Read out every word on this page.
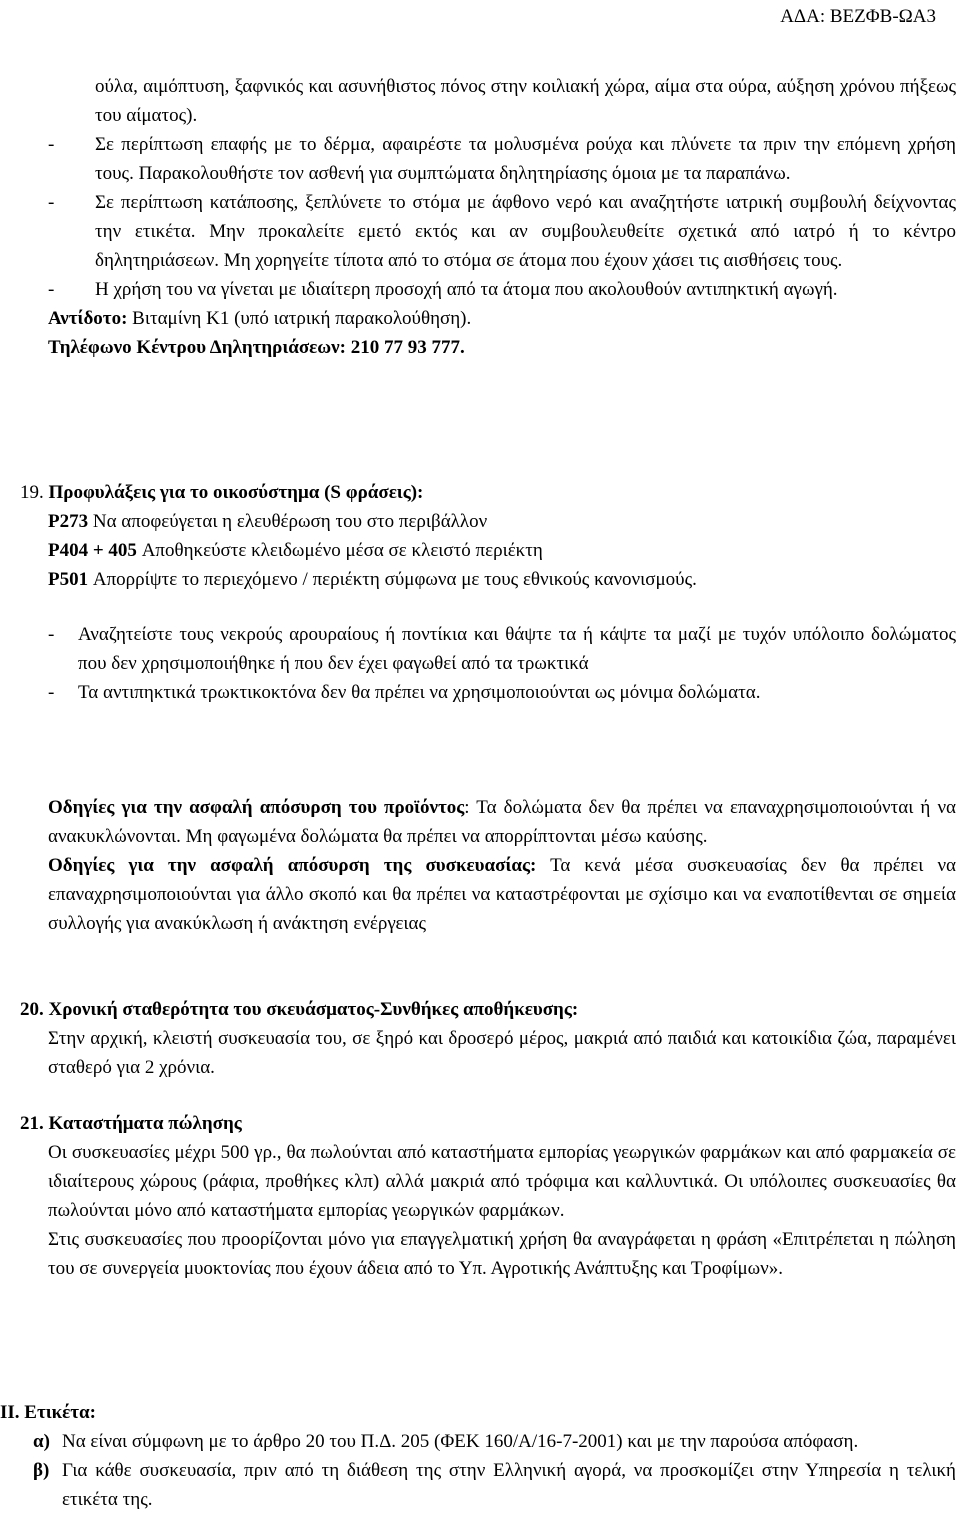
ΑΔΑ: ΒΕΖΦΒ-ΩΑ3

ούλα, αιμόπτυση, ξαφνικός και ασυνήθιστος πόνος στην κοιλιακή χώρα, αίμα στα ούρα, αύξηση χρόνου πήξεως του αίματος).

- Σε περίπτωση επαφής με το δέρμα, αφαιρέστε τα μολυσμένα ρούχα και πλύνετε τα πριν την επόμενη χρήση τους. Παρακολουθήστε τον ασθενή για συμπτώματα δηλητηρίασης όμοια με τα παραπάνω.

- Σε περίπτωση κατάποσης, ξεπλύνετε το στόμα με άφθονο νερό και αναζητήστε ιατρική συμβουλή δείχνοντας την ετικέτα. Μην προκαλείτε εμετό εκτός και αν συμβουλευθείτε σχετικά από ιατρό ή το κέντρο δηλητηριάσεων. Μη χορηγείτε τίποτα από το στόμα σε άτομα που έχουν χάσει τις αισθήσεις τους.

- Η χρήση του να γίνεται με ιδιαίτερη προσοχή από τα άτομα που ακολουθούν αντιπηκτική αγωγή.

Αντίδοτο: Βιταμίνη Κ1 (υπό ιατρική παρακολούθηση).

Τηλέφωνο Κέντρου Δηλητηριάσεων: 210 77 93 777.

19. Προφυλάξεις για το οικοσύστημα (S φράσεις):

P273 Να αποφεύγεται η ελευθέρωση του στο περιβάλλον

P404 + 405 Αποθηκεύστε κλειδωμένο μέσα σε κλειστό περιέκτη

P501 Απορρίψτε το περιεχόμενο / περιέκτη σύμφωνα με τους εθνικούς κανονισμούς.

- Αναζητείστε τους νεκρούς αρουραίους ή ποντίκια και θάψτε τα ή κάψτε τα μαζί με τυχόν υπόλοιπο δολώματος που δεν χρησιμοποιήθηκε ή που δεν έχει φαγωθεί από τα τρωκτικά

- Τα αντιπηκτικά τρωκτικοκτόνα δεν θα πρέπει να χρησιμοποιούνται ως μόνιμα δολώματα.

Οδηγίες για την ασφαλή απόσυρση του προϊόντος: Τα δολώματα δεν θα πρέπει να επαναχρησιμοποιούνται ή να ανακυκλώνονται. Μη φαγωμένα δολώματα θα πρέπει να απορρίπτονται μέσω καύσης.

Οδηγίες για την ασφαλή απόσυρση της συσκευασίας: Τα κενά μέσα συσκευασίας δεν θα πρέπει να επαναχρησιμοποιούνται για άλλο σκοπό και θα πρέπει να καταστρέφονται με σχίσιμο και να εναποτίθενται σε σημεία συλλογής για ανακύκλωση ή ανάκτηση ενέργειας

20. Χρονική σταθερότητα του σκευάσματος-Συνθήκες αποθήκευσης:

Στην αρχική, κλειστή συσκευασία του, σε ξηρό και δροσερό μέρος, μακριά από παιδιά και κατοικίδια ζώα, παραμένει σταθερό για 2 χρόνια.

21. Καταστήματα πώλησης

Οι συσκευασίες μέχρι 500 γρ., θα πωλούνται από καταστήματα εμπορίας γεωργικών φαρμάκων και από φαρμακεία σε ιδιαίτερους χώρους (ράφια, προθήκες κλπ) αλλά μακριά από τρόφιμα και καλλυντικά. Οι υπόλοιπες συσκευασίες θα πωλούνται μόνο από καταστήματα εμπορίας γεωργικών φαρμάκων.

Στις συσκευασίες που προορίζονται μόνο για επαγγελματική χρήση θα αναγράφεται η φράση «Επιτρέπεται η πώληση του σε συνεργεία μυοκτονίας που έχουν άδεια από το Υπ. Αγροτικής Ανάπτυξης και Τροφίμων».

ΙΙ. Ετικέτα:

α) Να είναι σύμφωνη με το άρθρο 20 του Π.Δ. 205 (ΦΕΚ 160/Α/16-7-2001) και με την παρούσα απόφαση.

β) Για κάθε συσκευασία, πριν από τη διάθεση της στην Ελληνική αγορά, να προσκομίζει στην Υπηρεσία η τελική ετικέτα της.
